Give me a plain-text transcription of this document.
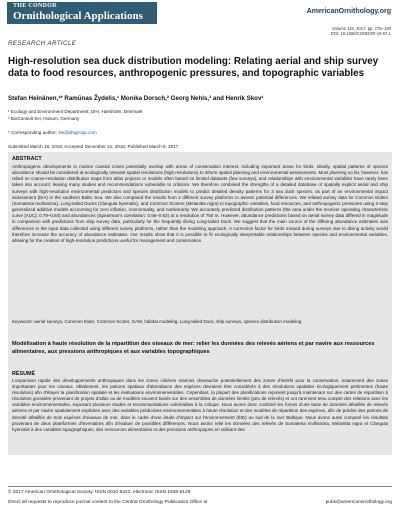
THE CONDOR
Ornithological Applications	AmericanOrnithology.org
Volume 119, 2017, pp. 175–190
DOI: 10.1650/CONDOR-16-57.1
RESEARCH ARTICLE
High-resolution sea duck distribution modeling: Relating aerial and ship survey data to food resources, anthropogenic pressures, and topographic variables
Stefan Heinänen,¹* Ramūnas Žydelis,¹ Monika Dorsch,² Georg Nehls,² and Henrik Skov¹
¹ Ecology and Environment Department, DHI, Hørsholm, Denmark
² BioConsult SH, Husum, Germany
* Corresponding author: ste@dhigroup.com
Submitted March 18, 2016; Accepted December 21, 2016; Published March 8, 2017
ABSTRACT
Anthropogenic developments in marine coastal zones potentially overlap with areas of conservation interest, including important areas for birds. Ideally, spatial patterns of species abundance should be considered at ecologically relevant spatial resolutions (high resolutions) to inform spatial planning and environmental assessments. Most planning so far, however, has relied on coarse-resolution distribution maps from atlas projects or models often based on limited datasets (few surveys), and relationships with environmental variables have rarely been taken into account, leaving many studies and recommendations vulnerable to criticism. We therefore combined the strengths of a detailed database of spatially explicit aerial and ship surveys with high-resolution environmental predictors and species distribution models to predict detailed density patterns for 3 sea duck species, as part of an environmental impact assessment (EIA) in the southern Baltic Sea. We also compared the results from 2 different survey platforms to assess potential differences. We related survey data for Common Eiders (Somateria mollissima), Long-tailed Ducks (Clangula hyemalis), and Common Scoters (Melanitta nigra) to topographic variables, food resources, and anthropogenic pressures using 2-step generalized additive models accounting for zero inflation, nonnormality, and nonlinearity. We accurately predicted distribution patterns (the area under the receiver operating characteristic curve [AUC]: 0.79–0.84) and abundances (Spearman's correlation: 0.56–0.62) at a resolution of 750 m. However, abundance predictions based on aerial survey data differed in magnitude in comparison with predictions from ship survey data, particularly for the frequently diving Long-tailed Duck. We suggest that the main source of the differing abundance estimates was differences in the input data collected using different survey platforms, rather than the modeling approach. A correction factor for birds missed during surveys due to diving activity would therefore increase the accuracy of abundance estimates. Our results show that it is possible to fit ecologically interpretable relationships between species and environmental variables, allowing for the creation of high-resolution predictions useful for management and conservation.
Keywords: aerial surveys, Common Eider, Common Scoter, GAM, habitat modeling, Long-tailed Duck, ship surveys, species distribution modeling
Modélisation à haute résolution de la répartition des oiseaux de mer: relier les données des relevés aériens et par navire aux ressources alimentaires, aux pressions anthropiques et aux variables topographiques
RÉSUMÉ
L'expansion rapide des développements anthropiques dans les zones côtières marines chevauche potentiellement des zones d'intérêt pour la conservation, notamment des zones importantes pour les oiseaux. Idéalement, les patrons spatiaux d'abondance des espèces devraient être considérés à des résolutions spatiales écologiquement pertinentes (haute résolution) afin d'étayer la planification spatiale et les évaluations environnementales. Cependant, la plupart des planifications reposent jusqu'à maintenant sur des cartes de répartition à résolution grossière provenant de projets d'atlas ou de modèles souvent basés sur des ensembles de données limités (peu de relevés) et ont rarement tenu compte des relations avec les variables environnementales, exposant plusieurs études et recommandations vulnérables à la critique. Nous avons donc combiné les forces d'une base de données détaillée de relevés aériens et par navire spatialement explicites avec des variables prédictives environnementales à haute résolution et des modèles de répartition des espèces, afin de prédire des patrons de densité détaillés de trois espèces d'oiseaux de mer, dans le cadre d'une étude d'impact sur l'environnement (ÉIE) au sud de la mer Baltique. Nous avons aussi comparé les résultats provenant de deux plateformes d'inventaires afin d'évaluer de possibles différences. Nous avons relié les données des relevés de Somateria mollissima, Melanitta nigra et Clangula hyemalis à des variables topographiques, des ressources alimentaires et des pressions anthropiques en utilisant des
© 2017 American Ornithological Society. ISSN 0010-5422, electronic ISSN 1938-5129
Direct all requests to reproduce journal content to the Central Ornithology Publication Office at	pubs@americanornithology.org
